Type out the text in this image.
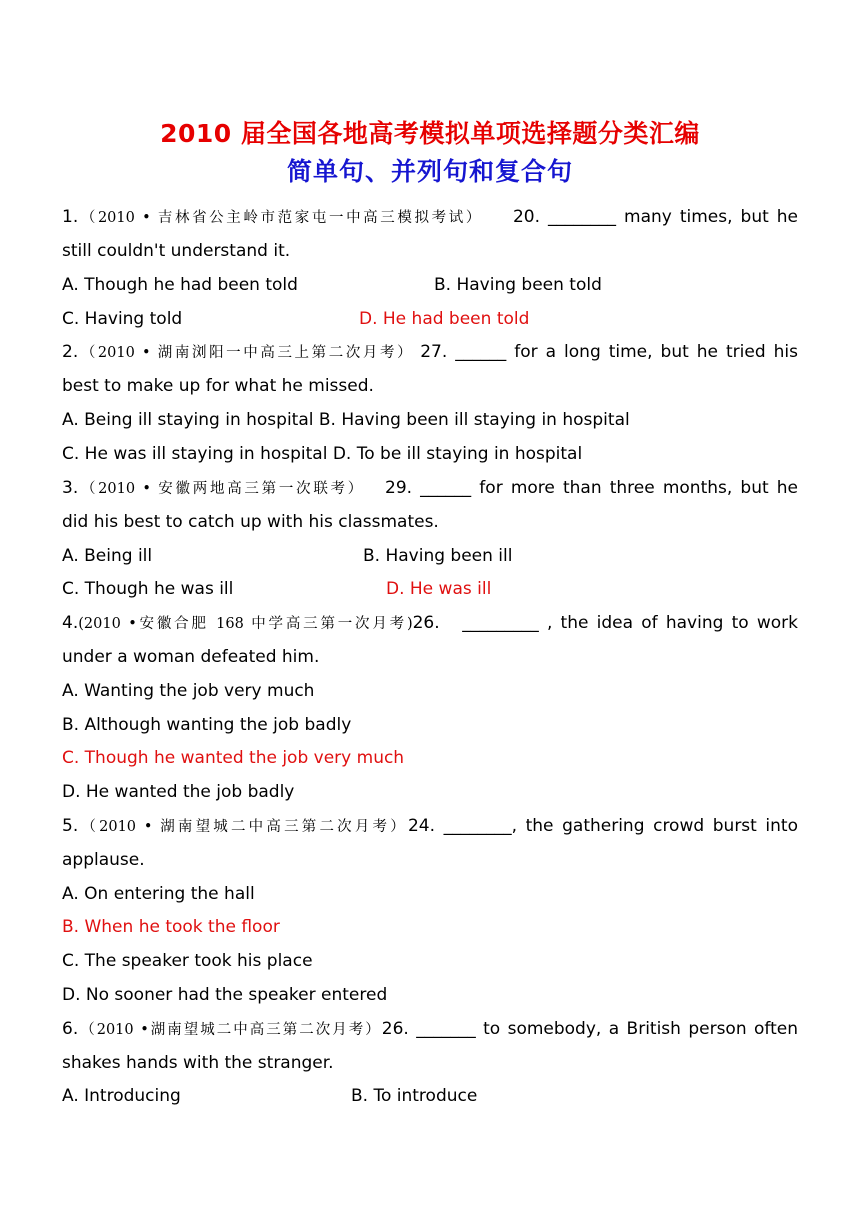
2010 届全国各地高考模拟单项选择题分类汇编
简单句、并列句和复合句
1.（2010 • 吉林省公主岭市范家屯一中高三模拟考试） 20. ________ many times, but he
still couldn't understand it.
A. Though he had been told	B. Having been told
C. Having told	D. He had been told
2.（2010 • 湖南浏阳一中高三上第二次月考） 27. ______ for a long time, but he tried his
best to make up for what he missed.
A. Being ill staying in hospital B. Having been ill staying in hospital
C. He was ill staying in hospital D. To be ill staying in hospital
3.（2010 • 安徽两地高三第一次联考） 29. ______ for more than three months, but he
did his best to catch up with his classmates.
A. Being ill	B. Having been ill
C. Though he was ill	D. He was ill
4.(2010 •安徽合肥 168 中学高三第一次月考)26.　_________ , the idea of having to work
under a woman defeated him.
A. Wanting the job very much
B. Although wanting the job badly
C. Though he wanted the job very much
D. He wanted the job badly
5.（2010 • 湖南望城二中高三第二次月考）24. ________, the gathering crowd burst into
applause.
A. On entering the hall
B. When he took the floor
C. The speaker took his place
D. No sooner had the speaker entered
6.（2010 •湖南望城二中高三第二次月考）26. _______ to somebody, a British person often
shakes hands with the stranger.
A. Introducing	B. To introduce
